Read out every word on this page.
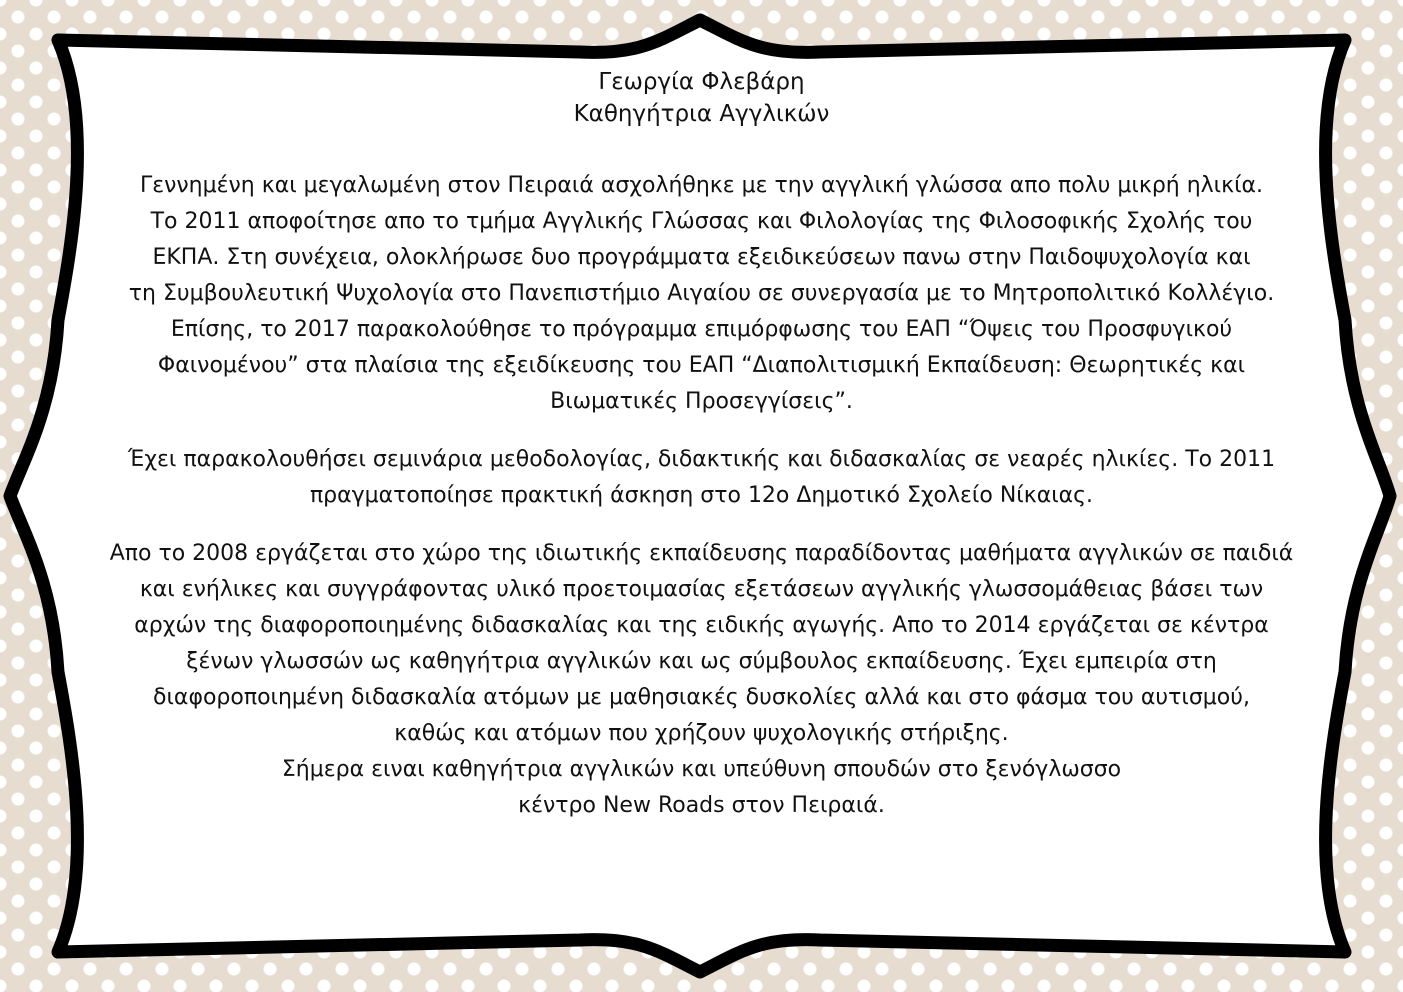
Γεωργία Φλεβάρη

Καθηγήτρια Αγγλικών

Γεννημένη και μεγαλωμένη στον Πειραιά ασχολήθηκε με την αγγλική γλώσσα απο πολυ μικρή ηλικία.

Το 2011 αποφοίτησε απο το τμήμα Αγγλικής Γλώσσας και Φιλολογίας της Φιλοσοφικής Σχολής του

ΕΚΠΑ. Στη συνέχεια, ολοκλήρωσε δυο προγράμματα εξειδικεύσεων πανω στην Παιδοψυχολογία και

τη Συμβουλευτική Ψυχολογία στο Πανεπιστήμιο Αιγαίου σε συνεργασία με το Μητροπολιτικό Κολλέγιο.

Επίσης, το 2017 παρακολούθησε το πρόγραμμα επιμόρφωσης του ΕΑΠ “Όψεις του Προσφυγικού

Φαινομένου” στα πλαίσια της εξειδίκευσης του ΕΑΠ “Διαπολιτισμική Εκπαίδευση: Θεωρητικές και

Βιωματικές Προσεγγίσεις”.

Έχει παρακολουθήσει σεμινάρια μεθοδολογίας, διδακτικής και διδασκαλίας σε νεαρές ηλικίες. Το 2011

πραγματοποίησε πρακτική άσκηση στο 12ο Δημοτικό Σχολείο Νίκαιας.

Απο το 2008 εργάζεται στο χώρο της ιδιωτικής εκπαίδευσης παραδίδοντας μαθήματα αγγλικών σε παιδιά

και ενήλικες και συγγράφοντας υλικό προετοιμασίας εξετάσεων αγγλικής γλωσσομάθειας βάσει των

αρχών της διαφοροποιημένης διδασκαλίας και της ειδικής αγωγής. Απο το 2014 εργάζεται σε κέντρα

ξένων γλωσσών ως καθηγήτρια αγγλικών και ως σύμβουλος εκπαίδευσης. Έχει εμπειρία στη

διαφοροποιημένη διδασκαλία ατόμων με μαθησιακές δυσκολίες αλλά και στο φάσμα του αυτισμού,

καθώς και ατόμων που χρήζουν ψυχολογικής στήριξης.

Σήμερα ειναι καθηγήτρια αγγλικών και υπεύθυνη σπουδών στο ξενόγλωσσο

κέντρο New Roads στον Πειραιά.
